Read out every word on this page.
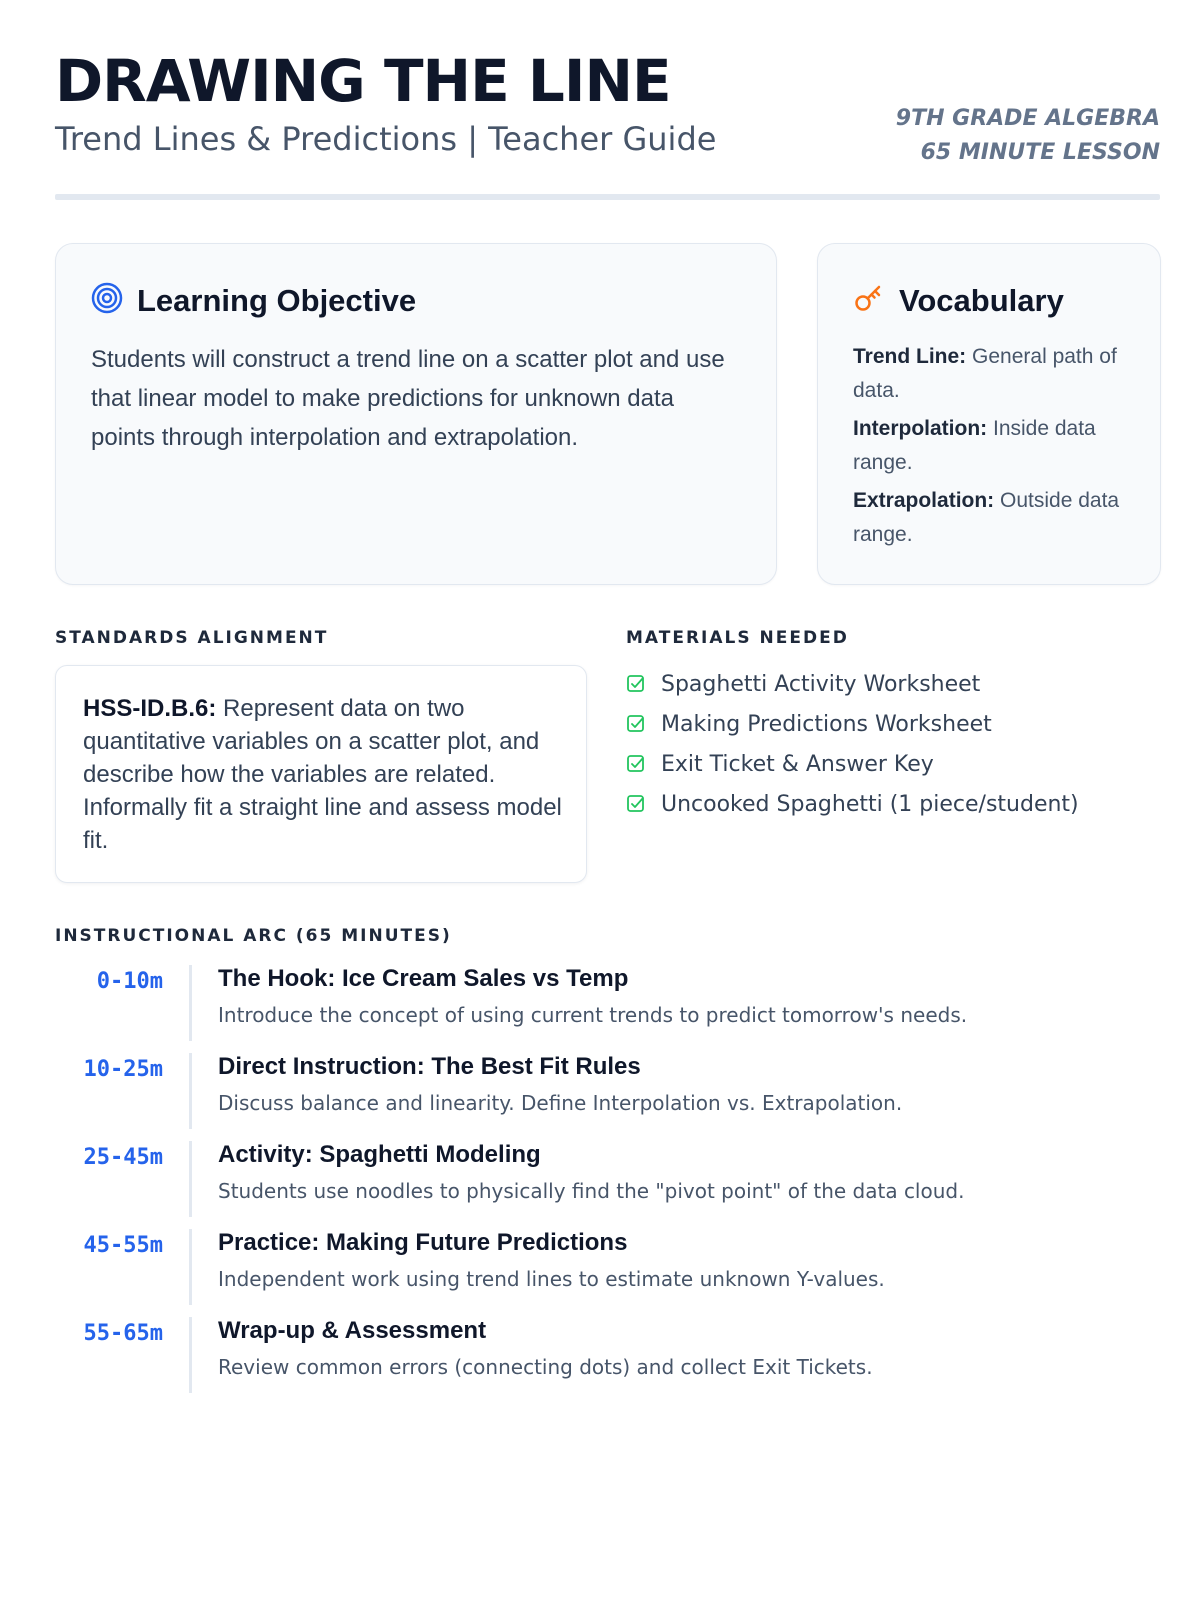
DRAWING THE LINE
Trend Lines & Predictions | Teacher Guide
9TH GRADE ALGEBRA
65 MINUTE LESSON
Learning Objective
Students will construct a trend line on a scatter plot and use that linear model to make predictions for unknown data points through interpolation and extrapolation.
Vocabulary
Trend Line: General path of data.
Interpolation: Inside data range.
Extrapolation: Outside data range.
STANDARDS ALIGNMENT
HSS-ID.B.6: Represent data on two quantitative variables on a scatter plot, and describe how the variables are related. Informally fit a straight line and assess model fit.
MATERIALS NEEDED
Spaghetti Activity Worksheet
Making Predictions Worksheet
Exit Ticket & Answer Key
Uncooked Spaghetti (1 piece/student)
INSTRUCTIONAL ARC (65 MINUTES)
0-10m The Hook: Ice Cream Sales vs Temp
Introduce the concept of using current trends to predict tomorrow's needs.
10-25m Direct Instruction: The Best Fit Rules
Discuss balance and linearity. Define Interpolation vs. Extrapolation.
25-45m Activity: Spaghetti Modeling
Students use noodles to physically find the "pivot point" of the data cloud.
45-55m Practice: Making Future Predictions
Independent work using trend lines to estimate unknown Y-values.
55-65m Wrap-up & Assessment
Review common errors (connecting dots) and collect Exit Tickets.
